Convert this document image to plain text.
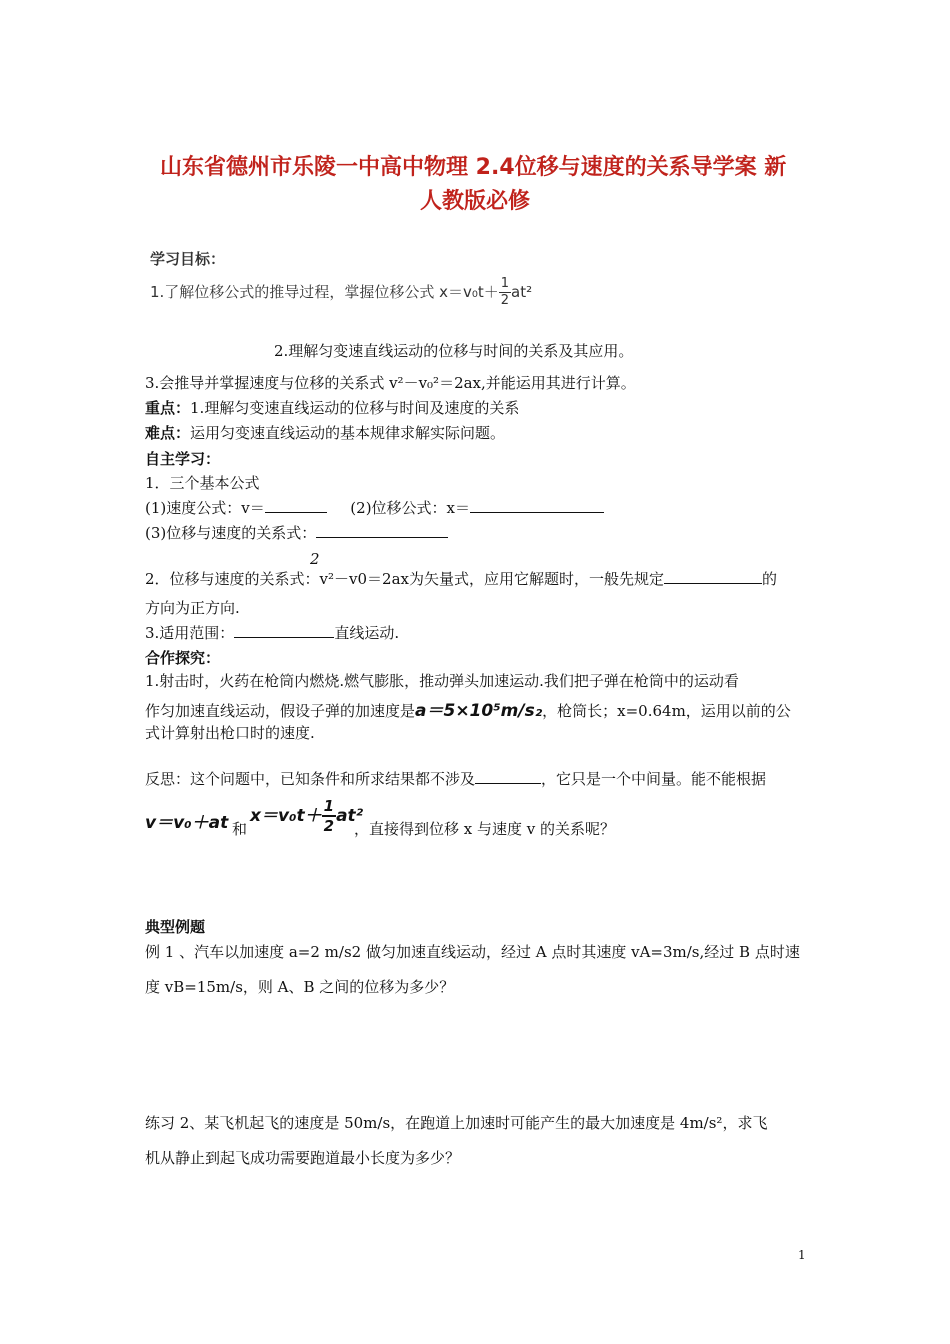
山东省德州市乐陵一中高中物理 2.4位移与速度的关系导学案 新
人教版必修
学习目标：
1.了解位移公式的推导过程，掌握位移公式 $x=v_0t+ \frac{1}{2} at^2$
2.理解匀变速直线运动的位移与时间的关系及其应用。
3.会推导并掌握速度与位移的关系式 v²－v₀²＝2ax,并能运用其进行计算。
重点：1.理解匀变速直线运动的位移与时间及速度的关系
难点：运用匀变速直线运动的基本规律求解实际问题。
自主学习：
1．三个基本公式
(1)速度公式：v＝	(2)位移公式：x＝
(3)位移与速度的关系式：
2
2．位移与速度的关系式：v²－v0＝2ax为矢量式，应用它解题时，一般先规定	的
方向为正方向.
3.适用范围：	直线运动.
合作探究：
1.射击时，火药在枪筒内燃烧.燃气膨胀，推动弹头加速运动.我们把子弹在枪筒中的运动看
作匀加速直线运动，假设子弹的加速度是a＝5×10⁵m/s₂，枪筒长；x=0.64m，运用以前的公
式计算射出枪口时的速度.
反思：这个问题中，已知条件和所求结果都不涉及	，它只是一个中间量。能不能根据
v＝v₀＋at 和
$x=v_0t+ \frac{1}{2} at^2$
，直接得到位移 x 与速度 v 的关系呢？
典型例题
例 1 、汽车以加速度 a=2 m/s2 做匀加速直线运动，经过 A 点时其速度 vA=3m/s,经过 B 点时速
度 vB=15m/s，则 A、B 之间的位移为多少？
练习 2、某飞机起飞的速度是 50m/s，在跑道上加速时可能产生的最大加速度是 4m/s²，求飞
机从静止到起飞成功需要跑道最小长度为多少？
1
